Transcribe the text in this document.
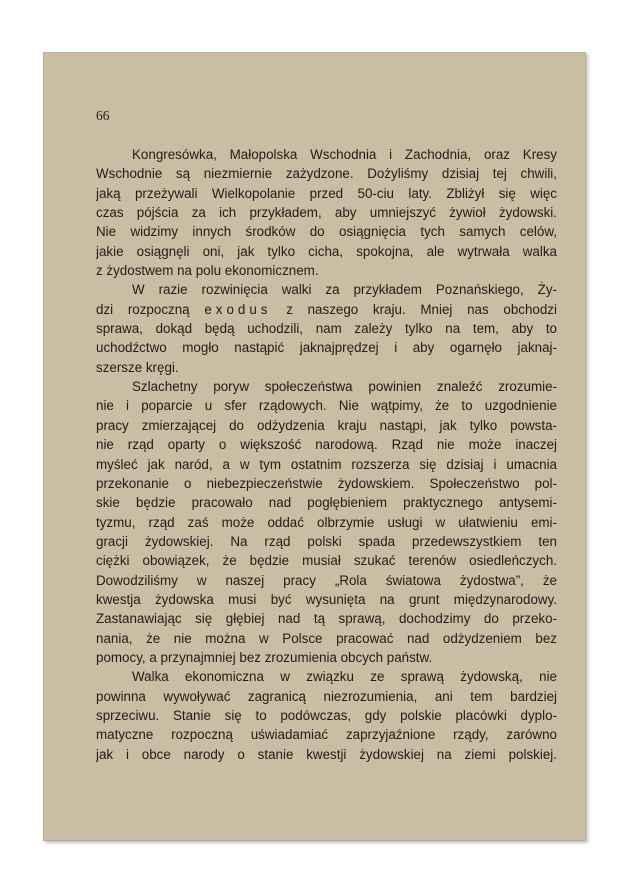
66
Kongresówka, Małopolska Wschodnia i Zachodnia, oraz Kresy
Wschodnie są niezmiernie zażydzone. Dożyliśmy dzisiaj tej chwili,
jaką przeżywali Wielkopolanie przed 50-ciu laty. Zbliżył się więc
czas pójścia za ich przykładem, aby umniejszyć żywioł żydowski.
Nie widzimy innych środków do osiągnięcia tych samych celów,
jakie osiągnęli oni, jak tylko cicha, spokojna, ale wytrwała walka
z żydostwem na polu ekonomicznem.
W razie rozwinięcia walki za przykładem Poznańskiego, Ży-
dzi rozpoczną exodus z naszego kraju. Mniej nas obchodzi
sprawa, dokąd będą uchodzili, nam zależy tylko na tem, aby to
uchodźctwo mogło nastąpić jaknajprędzej i aby ogarnęło jaknaj-
szersze kręgi.
Szlachetny poryw społeczeństwa powinien znaleźć zrozumie-
nie i poparcie u sfer rządowych. Nie wątpimy, że to uzgodnienie
pracy zmierzającej do odżydzenia kraju nastąpi, jak tylko powsta-
nie rząd oparty o większość narodową. Rząd nie może inaczej
myśleć jak naród, a w tym ostatnim rozszerza się dzisiaj i umacnia
przekonanie o niebezpieczeństwie żydowskiem. Społeczeństwo pol-
skie będzie pracowało nad pogłębieniem praktycznego antysemi-
tyzmu, rząd zaś może oddać olbrzymie usługi w ułatwieniu emi-
gracji żydowskiej. Na rząd polski spada przedewszystkiem ten
ciężki obowiązek, że będzie musiał szukać terenów osiedleńczych.
Dowodziliśmy w naszej pracy „Rola światowa żydostwa”, że
kwestja żydowska musi być wysunięta na grunt międzynarodowy.
Zastanawiając się głębiej nad tą sprawą, dochodzimy do przeko-
nania, że nie można w Polsce pracować nad odżydzeniem bez
pomocy, a przynajmniej bez zrozumienia obcych państw.
Walka ekonomiczna w związku ze sprawą żydowską, nie
powinna wywoływać zagranicą niezrozumienia, ani tem bardziej
sprzeciwu. Stanie się to podówczas, gdy polskie placówki dyplo-
matyczne rozpoczną uświadamiać zaprzyjaźnione rządy, zarówno
jak i obce narody o stanie kwestji żydowskiej na ziemi polskiej.
